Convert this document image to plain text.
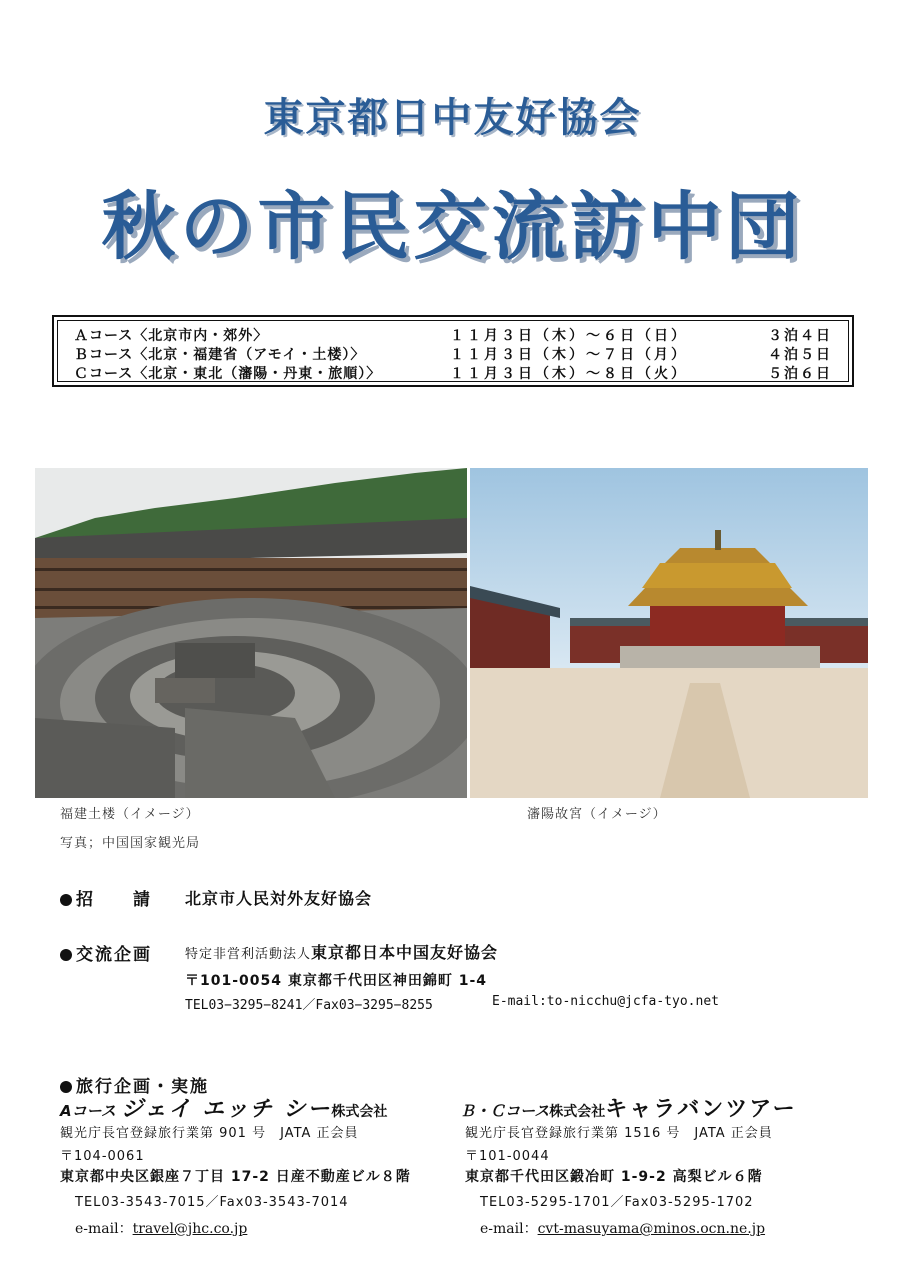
東京都日中友好協会
秋の市民交流訪中団
Ａコース〈北京市内・郊外〉	１１月３日（木）〜６日（日）	３泊４日
Ｂコース〈北京・福建省（アモイ・土楼）〉	１１月３日（木）〜７日（月）	４泊５日
Ｃコース〈北京・東北（瀋陽・丹東・旅順）〉	１１月３日（木）〜８日（火）	５泊６日
福建土楼（イメージ）	瀋陽故宮（イメージ）
写真；中国国家観光局
招　　請 北京市人民対外友好協会
交流企画	特定非営利活動法人東京都日本中国友好協会
〒101-0054 東京都千代田区神田錦町 1-4
TEL03−3295−8241／Fax03−3295−8255	E-mail:to-nicchu@jcfa-tyo.net
旅行企画・実施
Aコース ジェイ エッチ シー株式会社
観光庁長官登録旅行業第 901 号　JATA 正会員
〒104-0061
東京都中央区銀座７丁目 17-2 日産不動産ビル８階
TEL03-3543-7015／Fax03-3543-7014
e-mail：travel@jhc.co.jp
Ｂ・Ｃコース株式会社キャラバンツアー
観光庁長官登録旅行業第 1516 号　JATA 正会員
〒101-0044
東京都千代田区鍛冶町 1-9-2 高梨ビル６階
TEL03-5295-1701／Fax03-5295-1702
e-mail：cvt-masuyama@minos.ocn.ne.jp
